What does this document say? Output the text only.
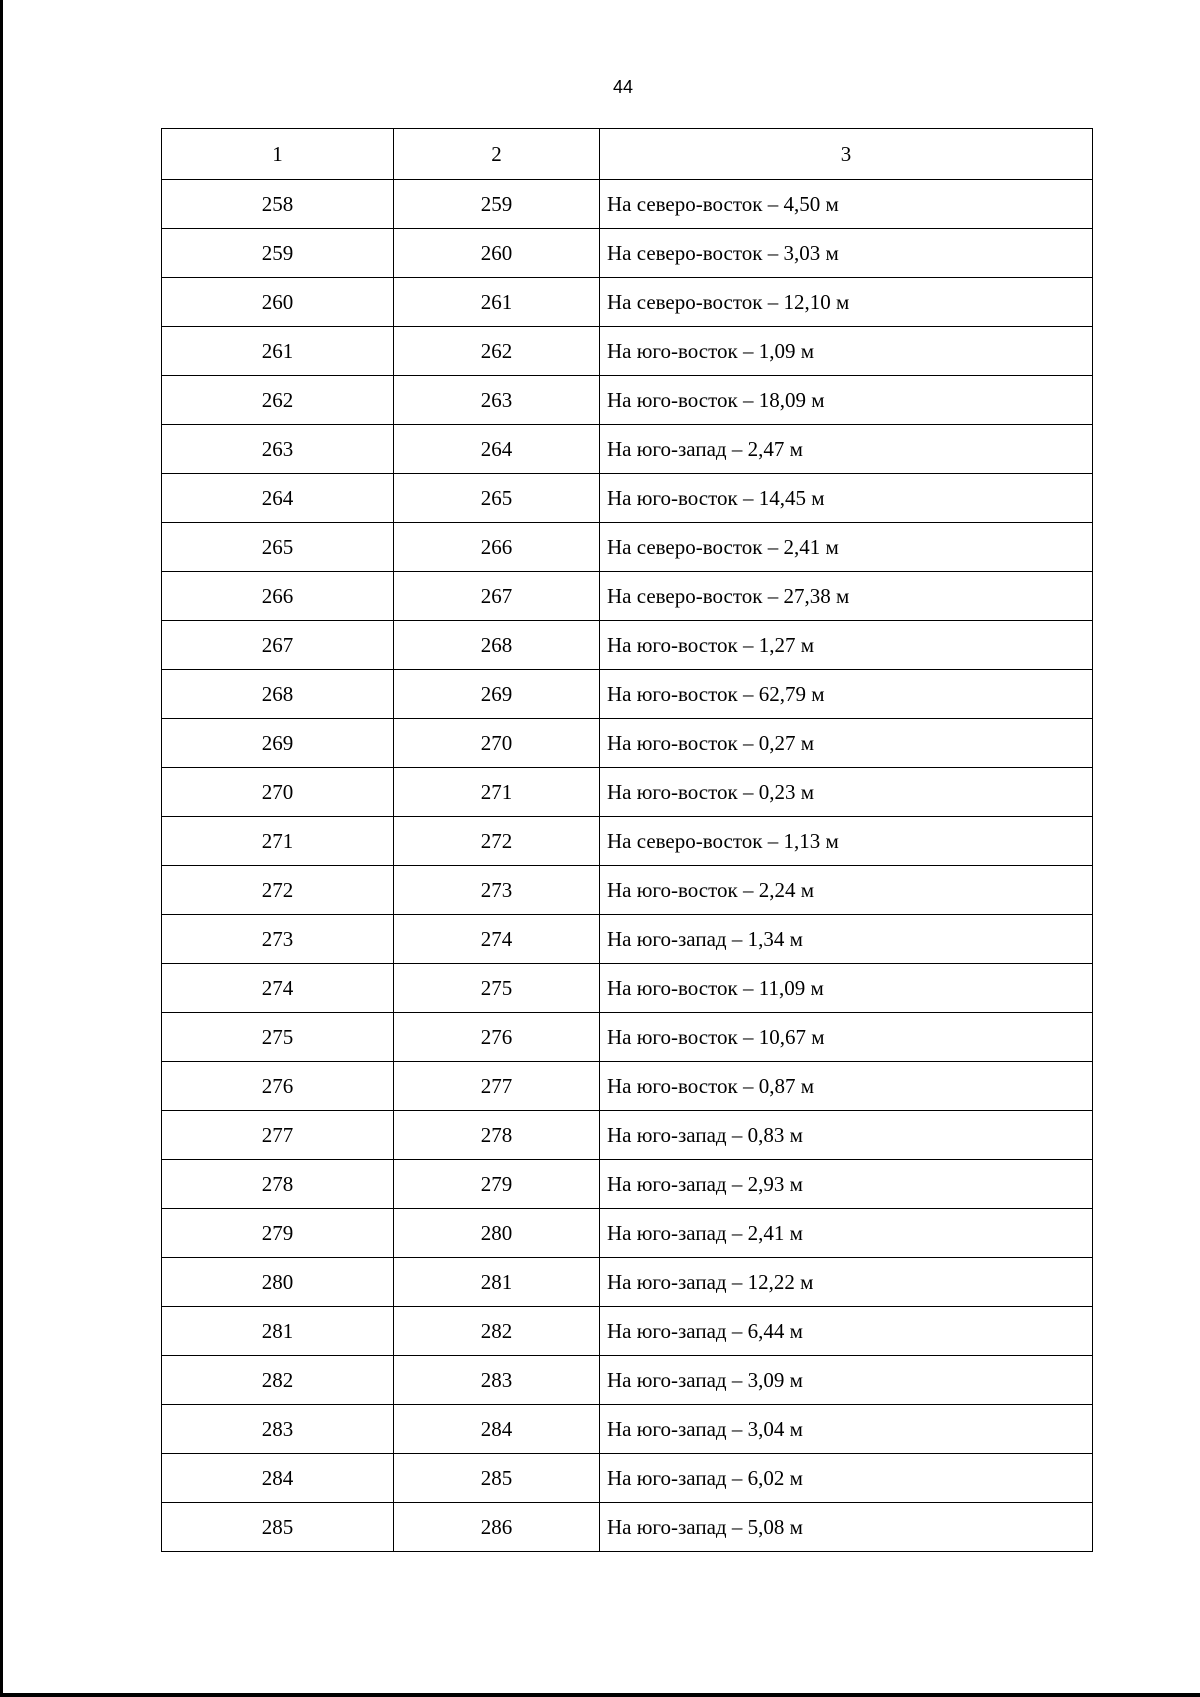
44
1	2	3
258	259	На северо-восток – 4,50 м
259	260	На северо-восток – 3,03 м
260	261	На северо-восток – 12,10 м
261	262	На юго-восток – 1,09 м
262	263	На юго-восток – 18,09 м
263	264	На юго-запад – 2,47 м
264	265	На юго-восток – 14,45 м
265	266	На северо-восток – 2,41 м
266	267	На северо-восток – 27,38 м
267	268	На юго-восток – 1,27 м
268	269	На юго-восток – 62,79 м
269	270	На юго-восток – 0,27 м
270	271	На юго-восток – 0,23 м
271	272	На северо-восток – 1,13 м
272	273	На юго-восток – 2,24 м
273	274	На юго-запад – 1,34 м
274	275	На юго-восток – 11,09 м
275	276	На юго-восток – 10,67 м
276	277	На юго-восток – 0,87 м
277	278	На юго-запад – 0,83 м
278	279	На юго-запад – 2,93 м
279	280	На юго-запад – 2,41 м
280	281	На юго-запад – 12,22 м
281	282	На юго-запад – 6,44 м
282	283	На юго-запад – 3,09 м
283	284	На юго-запад – 3,04 м
284	285	На юго-запад – 6,02 м
285	286	На юго-запад – 5,08 м
